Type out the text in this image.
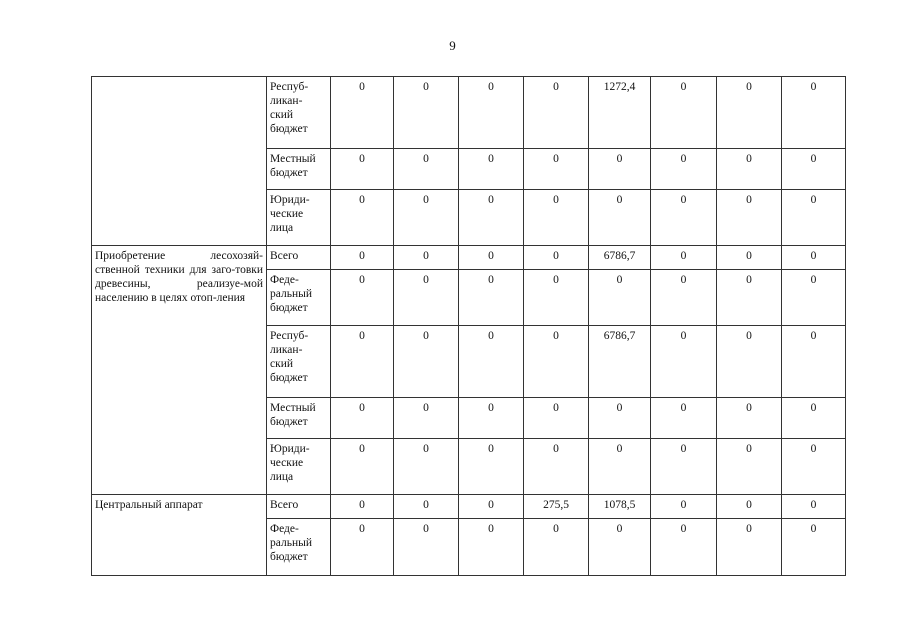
9
	Респуб-
ликан-
ский
бюджет	0	0	0	0	1272,4	0	0	0
	Местный
бюджет	0	0	0	0	0	0	0	0
	Юриди-
ческие
лица	0	0	0	0	0	0	0	0
Приобретение лесохозяй-ственной техники для заго-товки древесины, реализуе-мой населению в целях отоп-ления	Всего	0	0	0	0	6786,7	0	0	0
	Феде-
ральный
бюджет	0	0	0	0	0	0	0	0
	Респуб-
ликан-
ский
бюджет	0	0	0	0	6786,7	0	0	0
	Местный
бюджет	0	0	0	0	0	0	0	0
	Юриди-
ческие
лица	0	0	0	0	0	0	0	0
Центральный аппарат	Всего	0	0	0	275,5	1078,5	0	0	0
	Феде-
ральный
бюджет	0	0	0	0	0	0	0	0
